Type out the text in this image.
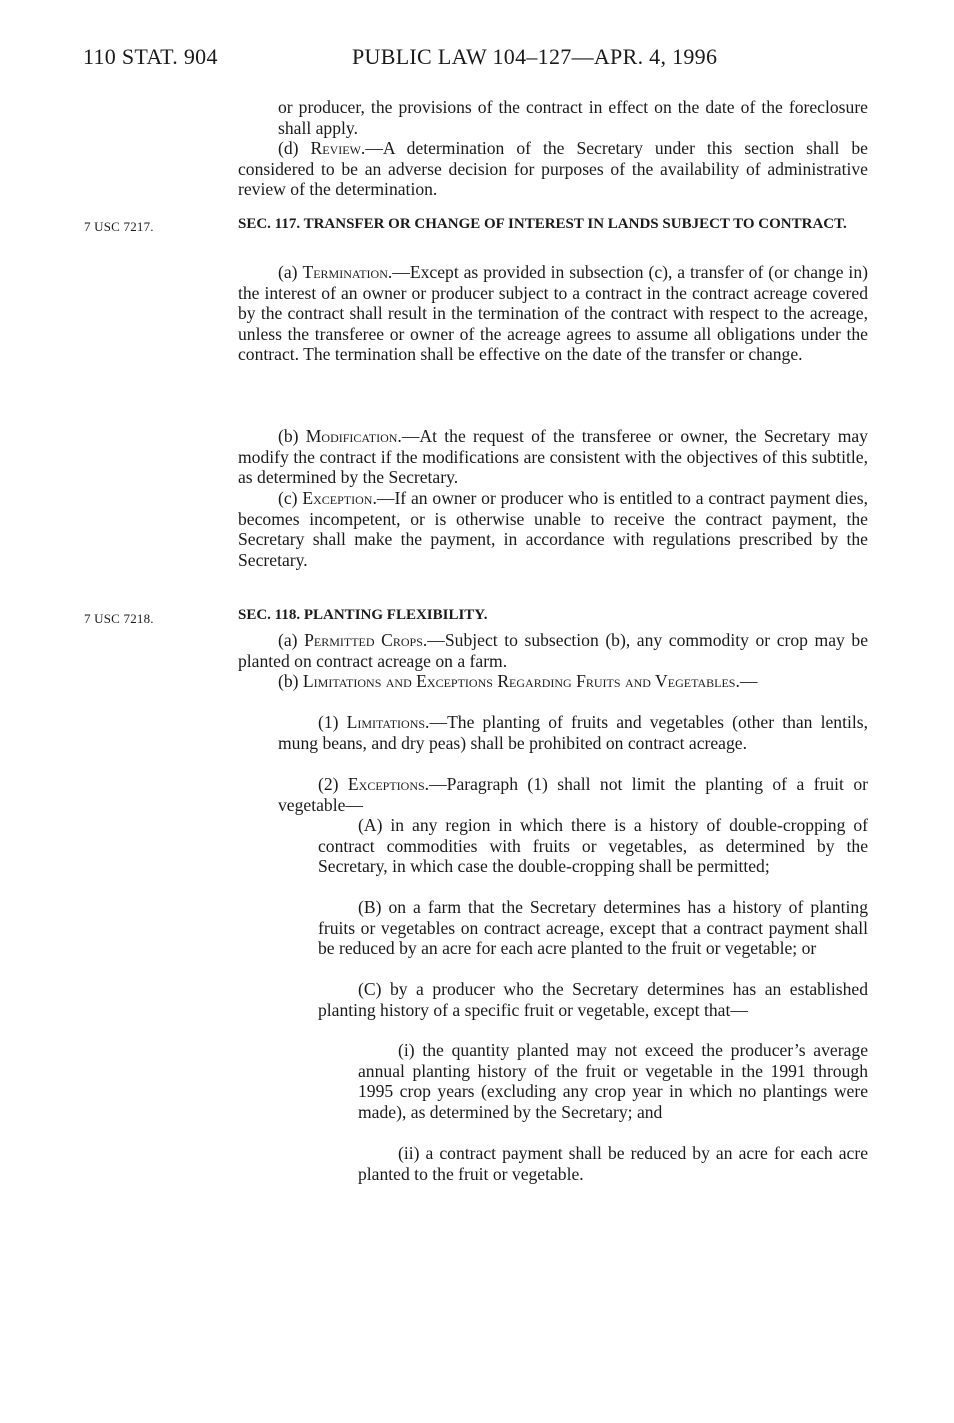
110 STAT. 904	PUBLIC LAW 104–127—APR. 4, 1996

or producer, the provisions of the contract in effect on the date of the foreclosure shall apply.

(d) Review.—A determination of the Secretary under this section shall be considered to be an adverse decision for purposes of the availability of administrative review of the determination.

7 USC 7217.	SEC. 117. TRANSFER OR CHANGE OF INTEREST IN LANDS SUBJECT TO CONTRACT.

(a) Termination.—Except as provided in subsection (c), a transfer of (or change in) the interest of an owner or producer subject to a contract in the contract acreage covered by the contract shall result in the termination of the contract with respect to the acreage, unless the transferee or owner of the acreage agrees to assume all obligations under the contract. The termination shall be effective on the date of the transfer or change.

(b) Modification.—At the request of the transferee or owner, the Secretary may modify the contract if the modifications are consistent with the objectives of this subtitle, as determined by the Secretary.

(c) Exception.—If an owner or producer who is entitled to a contract payment dies, becomes incompetent, or is otherwise unable to receive the contract payment, the Secretary shall make the payment, in accordance with regulations prescribed by the Secretary.

7 USC 7218.	SEC. 118. PLANTING FLEXIBILITY.

(a) Permitted Crops.—Subject to subsection (b), any commodity or crop may be planted on contract acreage on a farm.

(b) Limitations and Exceptions Regarding Fruits and Vegetables.—

(1) Limitations.—The planting of fruits and vegetables (other than lentils, mung beans, and dry peas) shall be prohibited on contract acreage.

(2) Exceptions.—Paragraph (1) shall not limit the planting of a fruit or vegetable—

(A) in any region in which there is a history of double-cropping of contract commodities with fruits or vegetables, as determined by the Secretary, in which case the double-cropping shall be permitted;

(B) on a farm that the Secretary determines has a history of planting fruits or vegetables on contract acreage, except that a contract payment shall be reduced by an acre for each acre planted to the fruit or vegetable; or

(C) by a producer who the Secretary determines has an established planting history of a specific fruit or vegetable, except that—

(i) the quantity planted may not exceed the producer’s average annual planting history of the fruit or vegetable in the 1991 through 1995 crop years (excluding any crop year in which no plantings were made), as determined by the Secretary; and

(ii) a contract payment shall be reduced by an acre for each acre planted to the fruit or vegetable.
